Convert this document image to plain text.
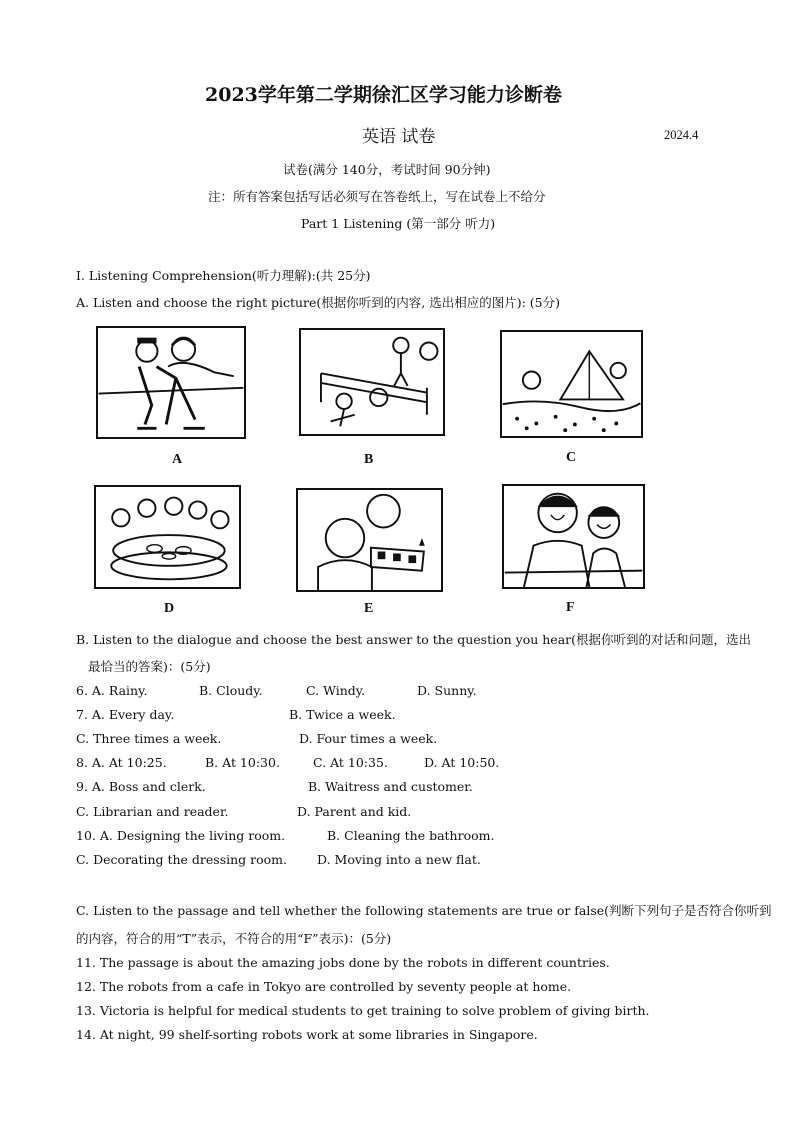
2023学年第二学期徐汇区学习能力诊断卷
英语 试卷	2024.4
试卷(满分 140分，考试时间 90分钟)
注：所有答案包括写话必须写在答卷纸上，写在试卷上不给分
Part 1 Listening (第一部分 听力)
I. Listening Comprehension(听力理解):(共 25分)
A. Listen and choose the right picture(根据你听到的内容, 选出相应的图片): (5分)
A	B	C
D	E	F
B. Listen to the dialogue and choose the best answer to the question you hear(根据你听到的对话和问题，选出
最恰当的答案)：(5分)
6. A. Rainy.	B. Cloudy.	C. Windy.	D. Sunny.
7. A. Every day.	B. Twice a week.
C. Three times a week.	D. Four times a week.
8. A. At 10:25.	B. At 10:30.	C. At 10:35.	D. At 10:50.
9. A. Boss and clerk.	B. Waitress and customer.
C. Librarian and reader.	D. Parent and kid.
10. A. Designing the living room.	B. Cleaning the bathroom.
C. Decorating the dressing room. D. Moving into a new flat.
C. Listen to the passage and tell whether the following statements are true or false(判断下列句子是否符合你听到
的内容，符合的用“T”表示，不符合的用“F”表示)：(5分)
11. The passage is about the amazing jobs done by the robots in different countries.
12. The robots from a cafe in Tokyo are controlled by seventy people at home.
13. Victoria is helpful for medical students to get training to solve problem of giving birth.
14. At night, 99 shelf-sorting robots work at some libraries in Singapore.
